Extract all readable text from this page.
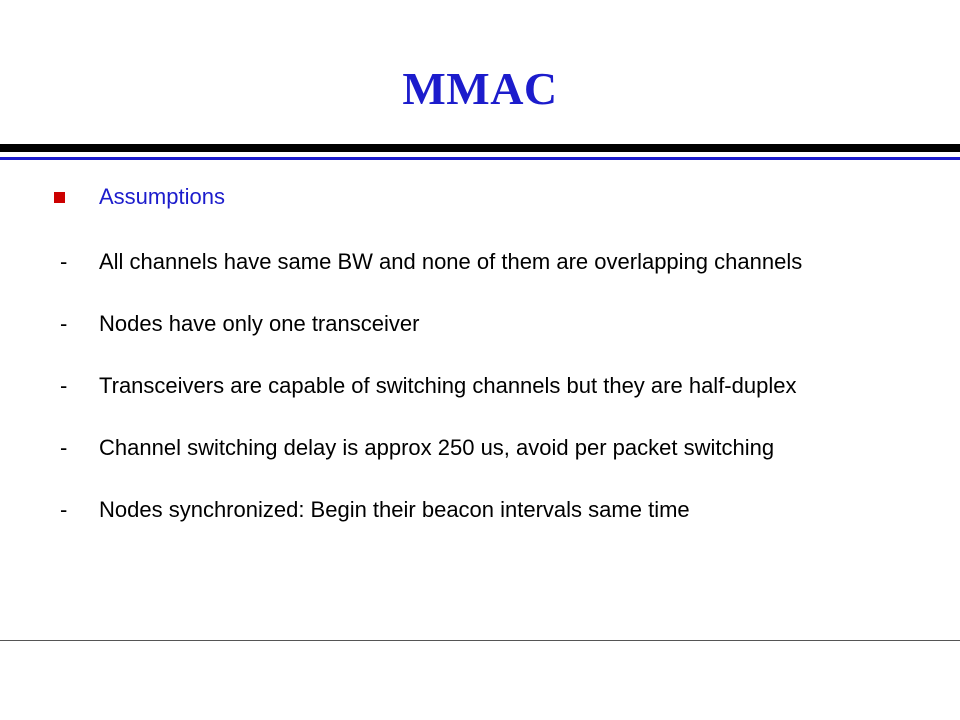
MMAC
Assumptions
-	All channels have same BW and none of them are overlapping channels
-	Nodes have only one transceiver
-	Transceivers are capable of switching channels but they are half-duplex
-	Channel switching delay is approx 250 us, avoid per packet switching
-	Nodes synchronized: Begin their beacon intervals same time
